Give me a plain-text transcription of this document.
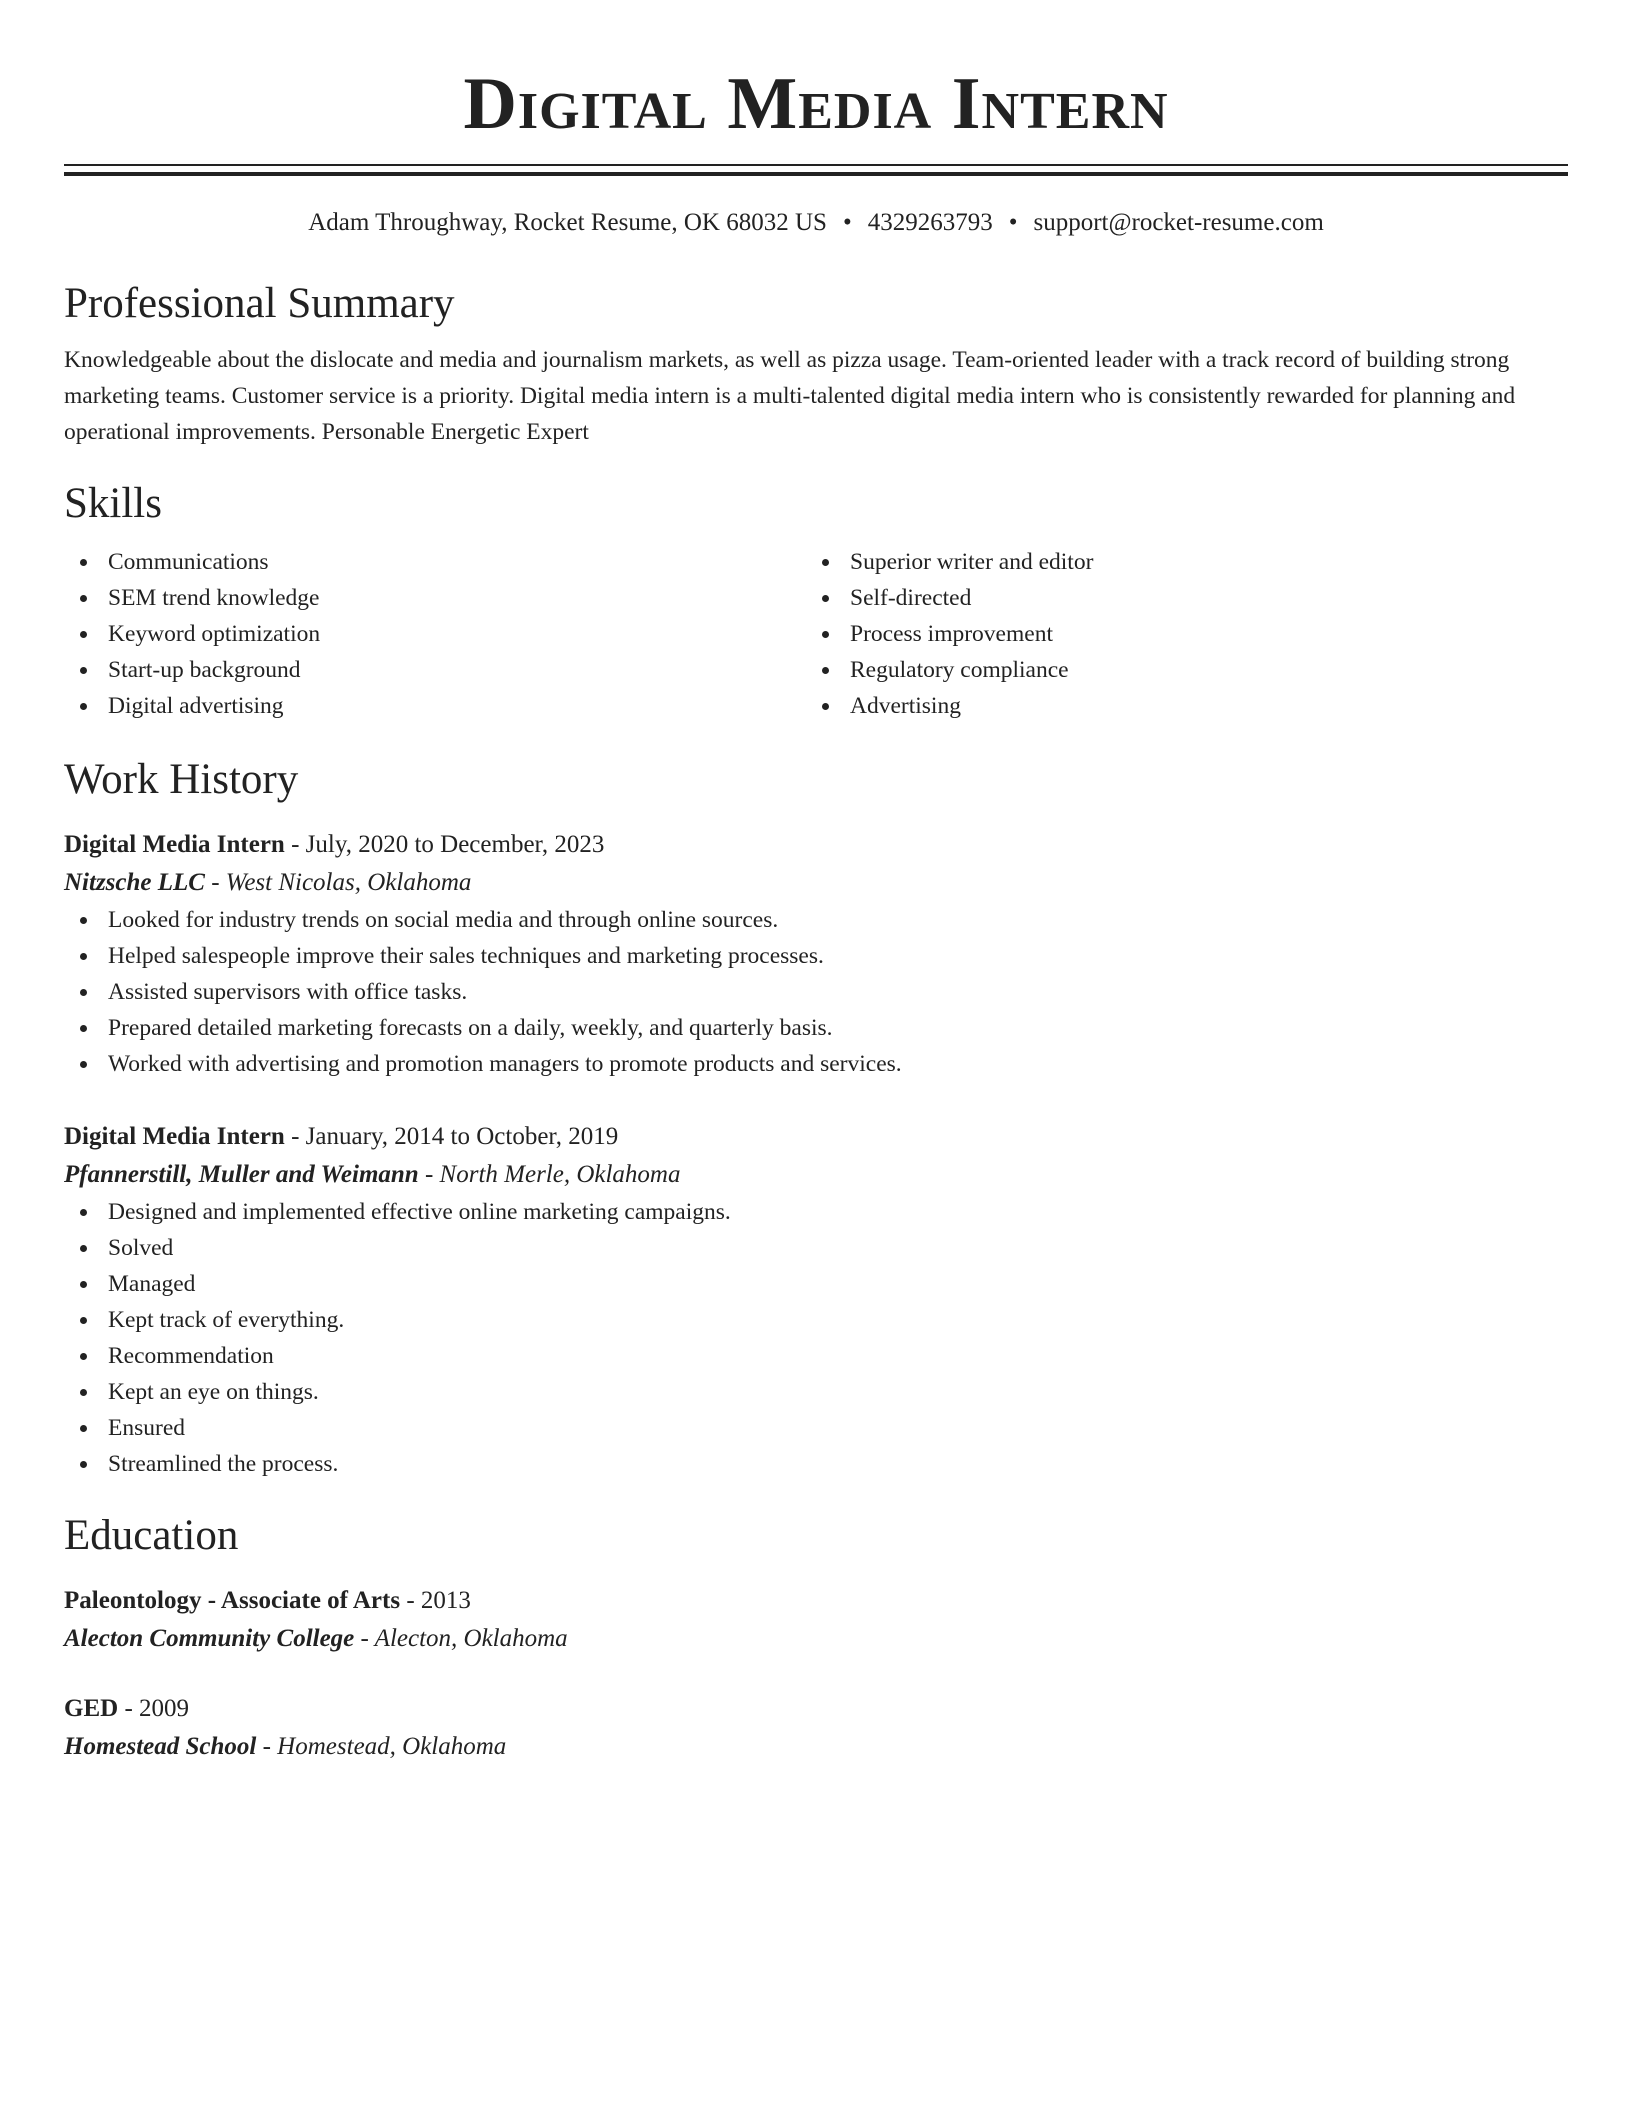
Digital Media Intern
Adam Throughway, Rocket Resume, OK 68032 US • 4329263793 • support@rocket-resume.com
Professional Summary

Knowledgeable about the dislocate and media and journalism markets, as well as pizza usage. Team-oriented leader with a track record of building strong marketing teams. Customer service is a priority. Digital media intern is a multi-talented digital media intern who is consistently rewarded for planning and operational improvements. Personable Energetic Expert

Skills
Communications
SEM trend knowledge
Keyword optimization
Start-up background
Digital advertising
Superior writer and editor
Self-directed
Process improvement
Regulatory compliance
Advertising
Work History
Digital Media Intern - July, 2020 to December, 2023
Nitzsche LLC - West Nicolas, Oklahoma
Looked for industry trends on social media and through online sources.
Helped salespeople improve their sales techniques and marketing processes.
Assisted supervisors with office tasks.
Prepared detailed marketing forecasts on a daily, weekly, and quarterly basis.
Worked with advertising and promotion managers to promote products and services.
Digital Media Intern - January, 2014 to October, 2019
Pfannerstill, Muller and Weimann - North Merle, Oklahoma
Designed and implemented effective online marketing campaigns.
Solved
Managed
Kept track of everything.
Recommendation
Kept an eye on things.
Ensured
Streamlined the process.
Education
Paleontology - Associate of Arts - 2013
Alecton Community College - Alecton, Oklahoma
GED - 2009
Homestead School - Homestead, Oklahoma
